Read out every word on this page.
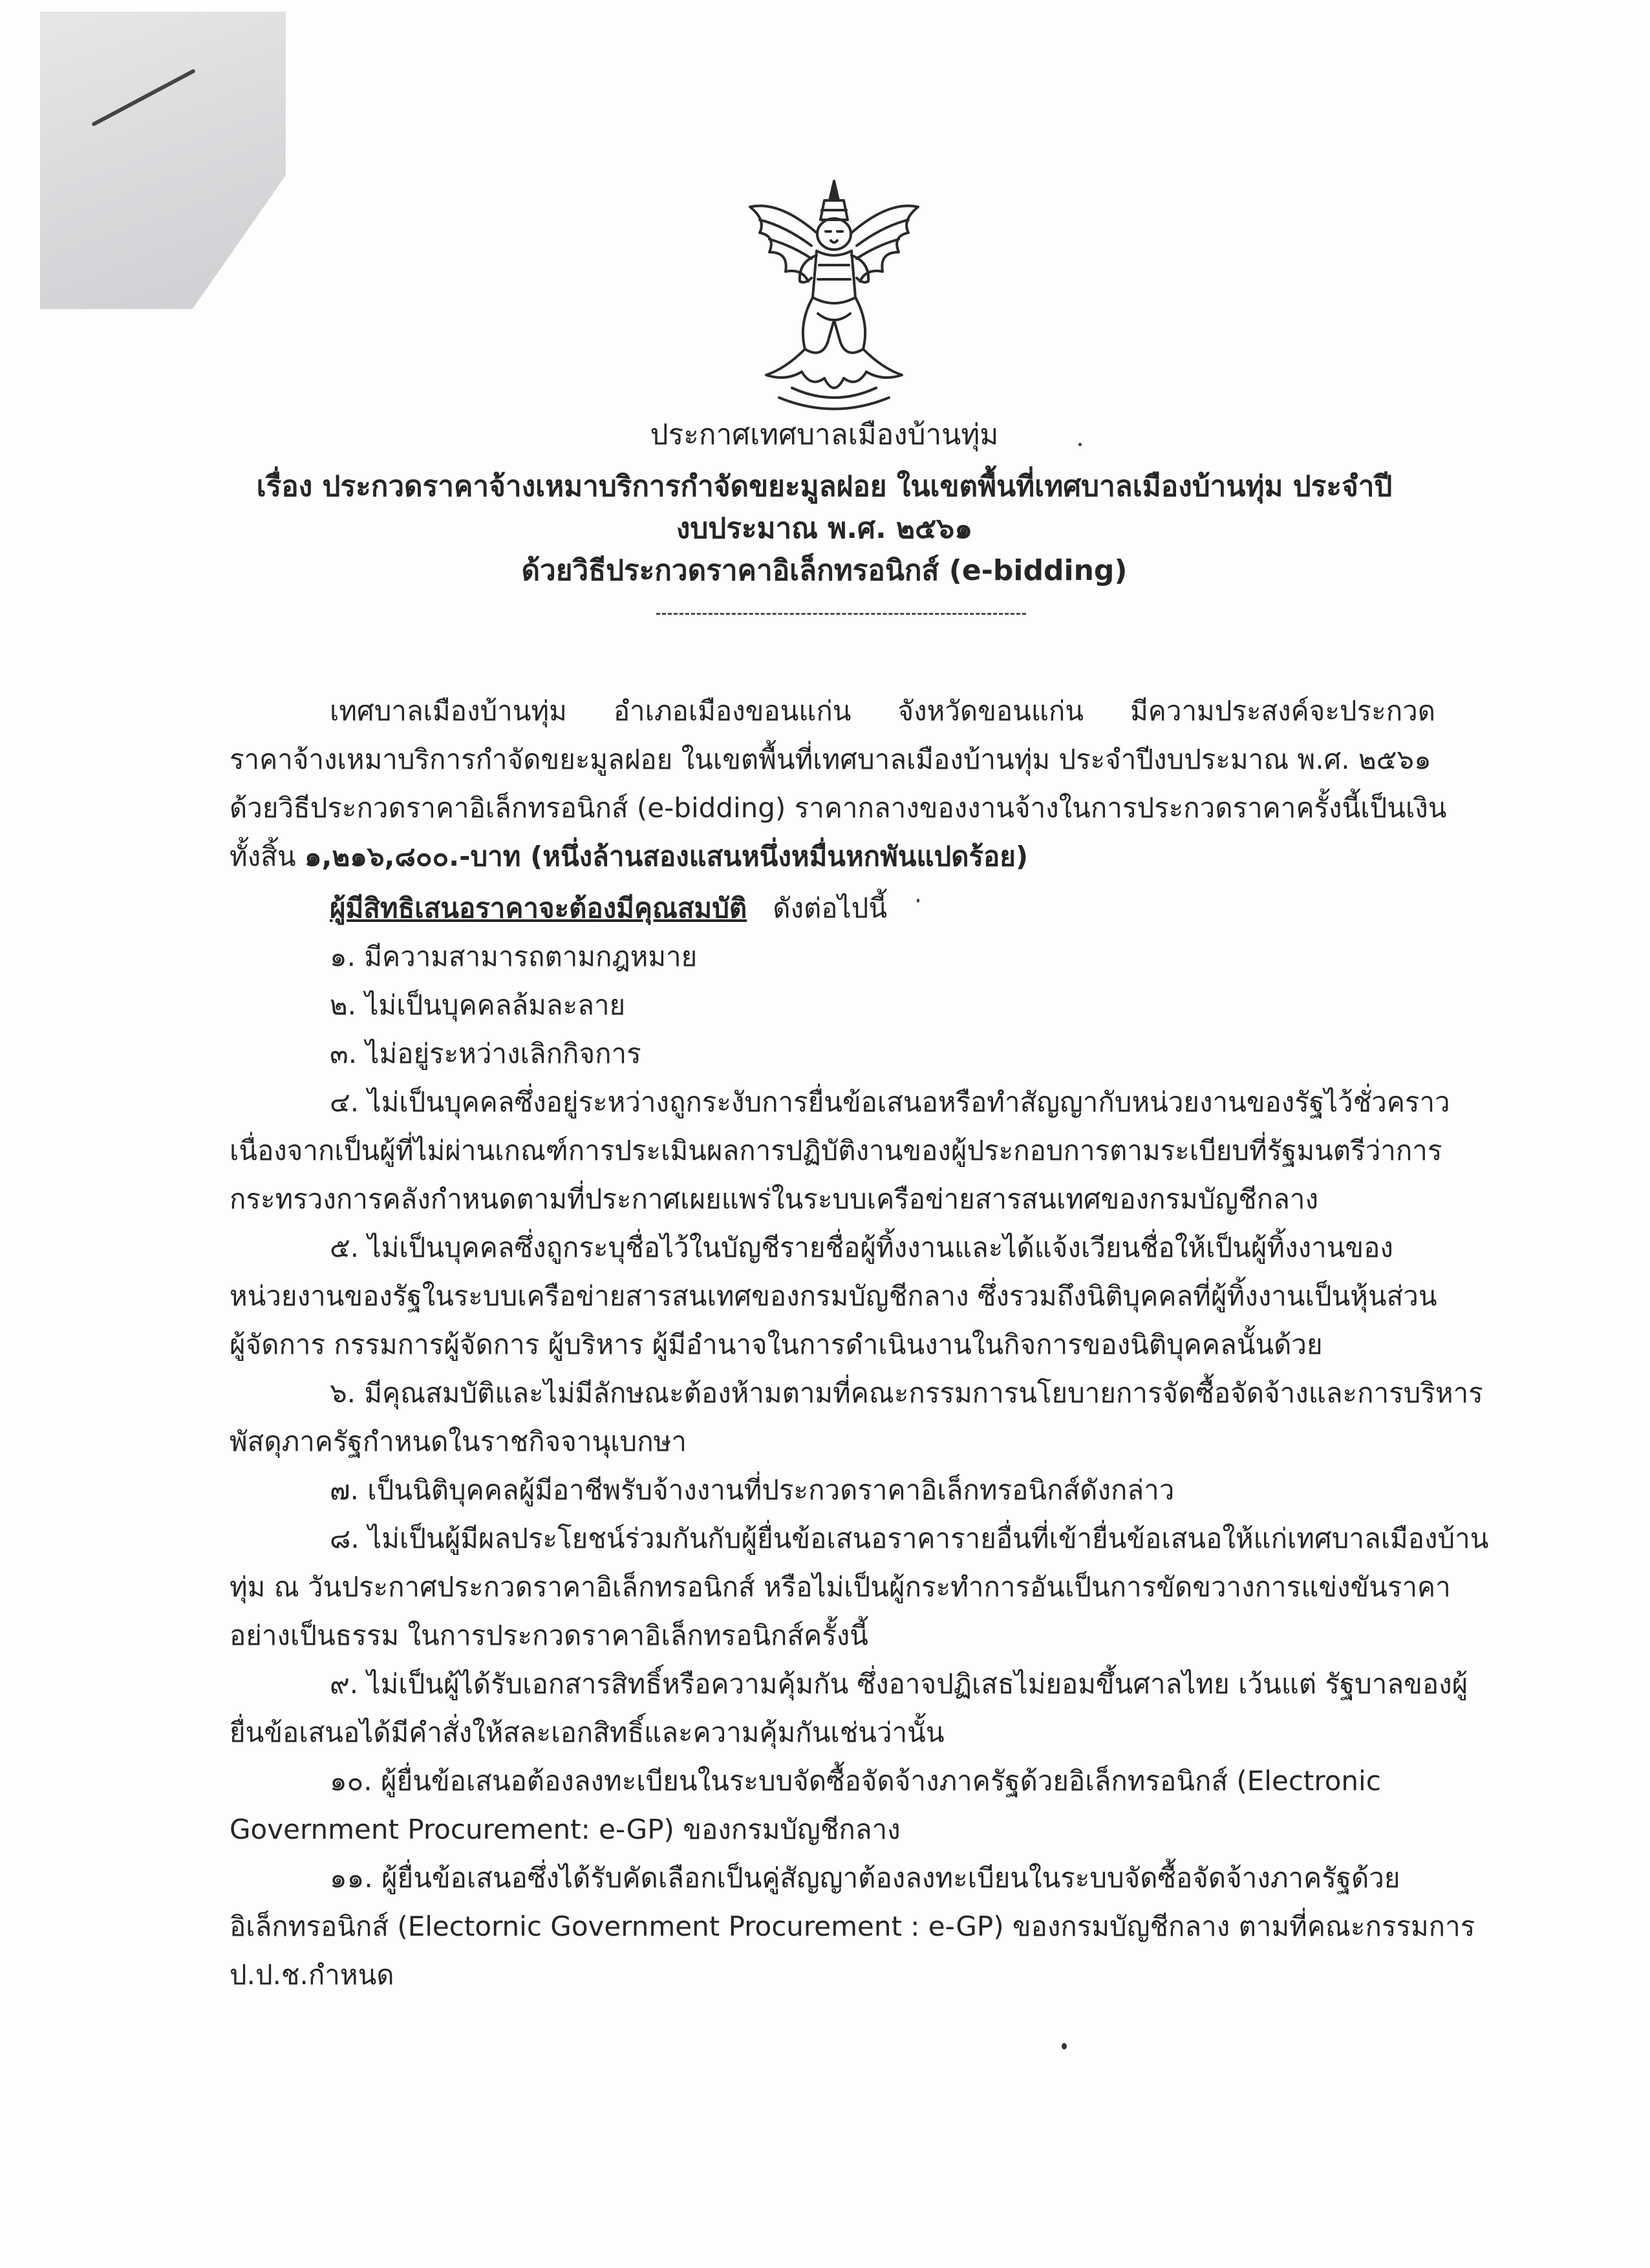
ประกาศเทศบาลเมืองบ้านทุ่ม
เรื่อง ประกวดราคาจ้างเหมาบริการกำจัดขยะมูลฝอย ในเขตพื้นที่เทศบาลเมืองบ้านทุ่ม ประจำปี
งบประมาณ พ.ศ. ๒๕๖๑
ด้วยวิธีประกวดราคาอิเล็กทรอนิกส์ (e-bidding)
เทศบาลเมืองบ้านทุ่ม อำเภอเมืองขอนแก่น จังหวัดขอนแก่น มีความประสงค์จะประกวด
ราคาจ้างเหมาบริการกำจัดขยะมูลฝอย ในเขตพื้นที่เทศบาลเมืองบ้านทุ่ม ประจำปีงบประมาณ พ.ศ. ๒๕๖๑
ด้วยวิธีประกวดราคาอิเล็กทรอนิกส์ (e-bidding) ราคากลางของงานจ้างในการประกวดราคาครั้งนี้เป็นเงิน
ทั้งสิ้น ๑,๒๑๖,๘๐๐.-บาท (หนึ่งล้านสองแสนหนึ่งหมื่นหกพันแปดร้อย)
ผู้มีสิทธิเสนอราคาจะต้องมีคุณสมบัติ ดังต่อไปนี้
๑. มีความสามารถตามกฎหมาย
๒. ไม่เป็นบุคคลล้มละลาย
๓. ไม่อยู่ระหว่างเลิกกิจการ
๔. ไม่เป็นบุคคลซึ่งอยู่ระหว่างถูกระงับการยื่นข้อเสนอหรือทำสัญญากับหน่วยงานของรัฐไว้ชั่วคราว
เนื่องจากเป็นผู้ที่ไม่ผ่านเกณฑ์การประเมินผลการปฏิบัติงานของผู้ประกอบการตามระเบียบที่รัฐมนตรีว่าการ
กระทรวงการคลังกำหนดตามที่ประกาศเผยแพร่ในระบบเครือข่ายสารสนเทศของกรมบัญชีกลาง
๕. ไม่เป็นบุคคลซึ่งถูกระบุชื่อไว้ในบัญชีรายชื่อผู้ทิ้งงานและได้แจ้งเวียนชื่อให้เป็นผู้ทิ้งงานของ
หน่วยงานของรัฐในระบบเครือข่ายสารสนเทศของกรมบัญชีกลาง ซึ่งรวมถึงนิติบุคคลที่ผู้ทิ้งงานเป็นหุ้นส่วน
ผู้จัดการ กรรมการผู้จัดการ ผู้บริหาร ผู้มีอำนาจในการดำเนินงานในกิจการของนิติบุคคลนั้นด้วย
๖. มีคุณสมบัติและไม่มีลักษณะต้องห้ามตามที่คณะกรรมการนโยบายการจัดซื้อจัดจ้างและการบริหาร
พัสดุภาครัฐกำหนดในราชกิจจานุเบกษา
๗. เป็นนิติบุคคลผู้มีอาชีพรับจ้างงานที่ประกวดราคาอิเล็กทรอนิกส์ดังกล่าว
๘. ไม่เป็นผู้มีผลประโยชน์ร่วมกันกับผู้ยื่นข้อเสนอราคารายอื่นที่เข้ายื่นข้อเสนอให้แก่เทศบาลเมืองบ้าน
ทุ่ม ณ วันประกาศประกวดราคาอิเล็กทรอนิกส์ หรือไม่เป็นผู้กระทำการอันเป็นการขัดขวางการแข่งขันราคา
อย่างเป็นธรรม ในการประกวดราคาอิเล็กทรอนิกส์ครั้งนี้
๙. ไม่เป็นผู้ได้รับเอกสารสิทธิ์หรือความคุ้มกัน ซึ่งอาจปฏิเสธไม่ยอมขึ้นศาลไทย เว้นแต่ รัฐบาลของผู้
ยื่นข้อเสนอได้มีคำสั่งให้สละเอกสิทธิ์และความคุ้มกันเช่นว่านั้น
๑๐. ผู้ยื่นข้อเสนอต้องลงทะเบียนในระบบจัดซื้อจัดจ้างภาครัฐด้วยอิเล็กทรอนิกส์ (Electronic
Government Procurement: e-GP) ของกรมบัญชีกลาง
๑๑. ผู้ยื่นข้อเสนอซึ่งได้รับคัดเลือกเป็นคู่สัญญาต้องลงทะเบียนในระบบจัดซื้อจัดจ้างภาครัฐด้วย
อิเล็กทรอนิกส์ (Electornic Government Procurement : e-GP) ของกรมบัญชีกลาง ตามที่คณะกรรมการ
ป.ป.ช.กำหนด
